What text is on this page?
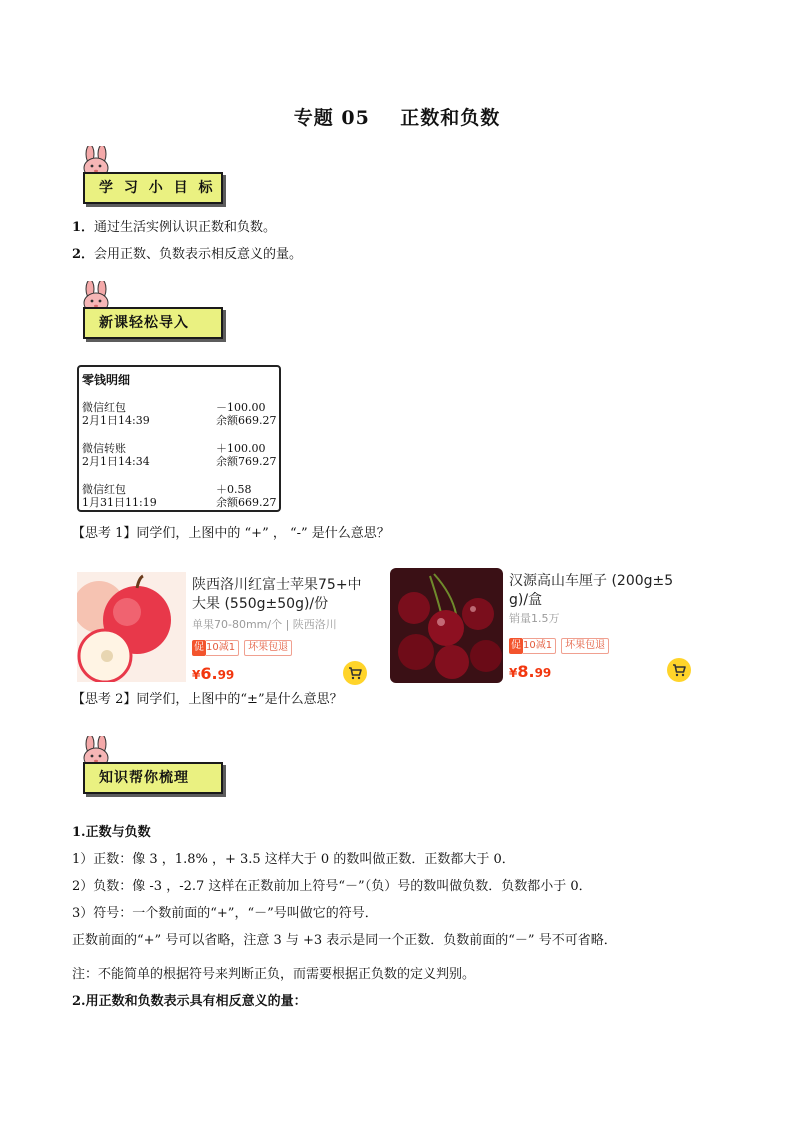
专题 05    正数和负数
学 习 小 目 标
1．通过生活实例认识正数和负数。
2．会用正数、负数表示相反意义的量。
新课轻松导入
零钱明细
微信红包	－100.00
2月1日14:39	余额669.27
微信转账	＋100.00
2月1日14:34	余额769.27
微信红包	＋0.58
1月31日11:19	余额669.27
【思考 1】同学们，上图中的 “+” ， “-” 是什么意思？
陕西洛川红富士苹果75+中
大果 (550g±50g)/份
单果70-80mm/个 | 陕西洛川
促 10减1	坏果包退
¥6.99
汉源高山车厘子 (200g±5
g)/盒
销量1.5万
促 10减1	坏果包退
¥8.99
【思考 2】同学们，上图中的“±”是什么意思？
知识帮你梳理
1.正数与负数
1）正数：像 3 ，1.8% ，+ 3.5 这样大于 0 的数叫做正数．正数都大于 0．
2）负数：像 -3 ，-2.7 这样在正数前加上符号“－”（负）号的数叫做负数．负数都小于 0．
3）符号：一个数前面的“+”，“－”号叫做它的符号．
正数前面的“+” 号可以省略，注意 3 与 +3 表示是同一个正数．负数前面的“－” 号不可省略．
注：不能简单的根据符号来判断正负，而需要根据正负数的定义判别。
2.用正数和负数表示具有相反意义的量：
